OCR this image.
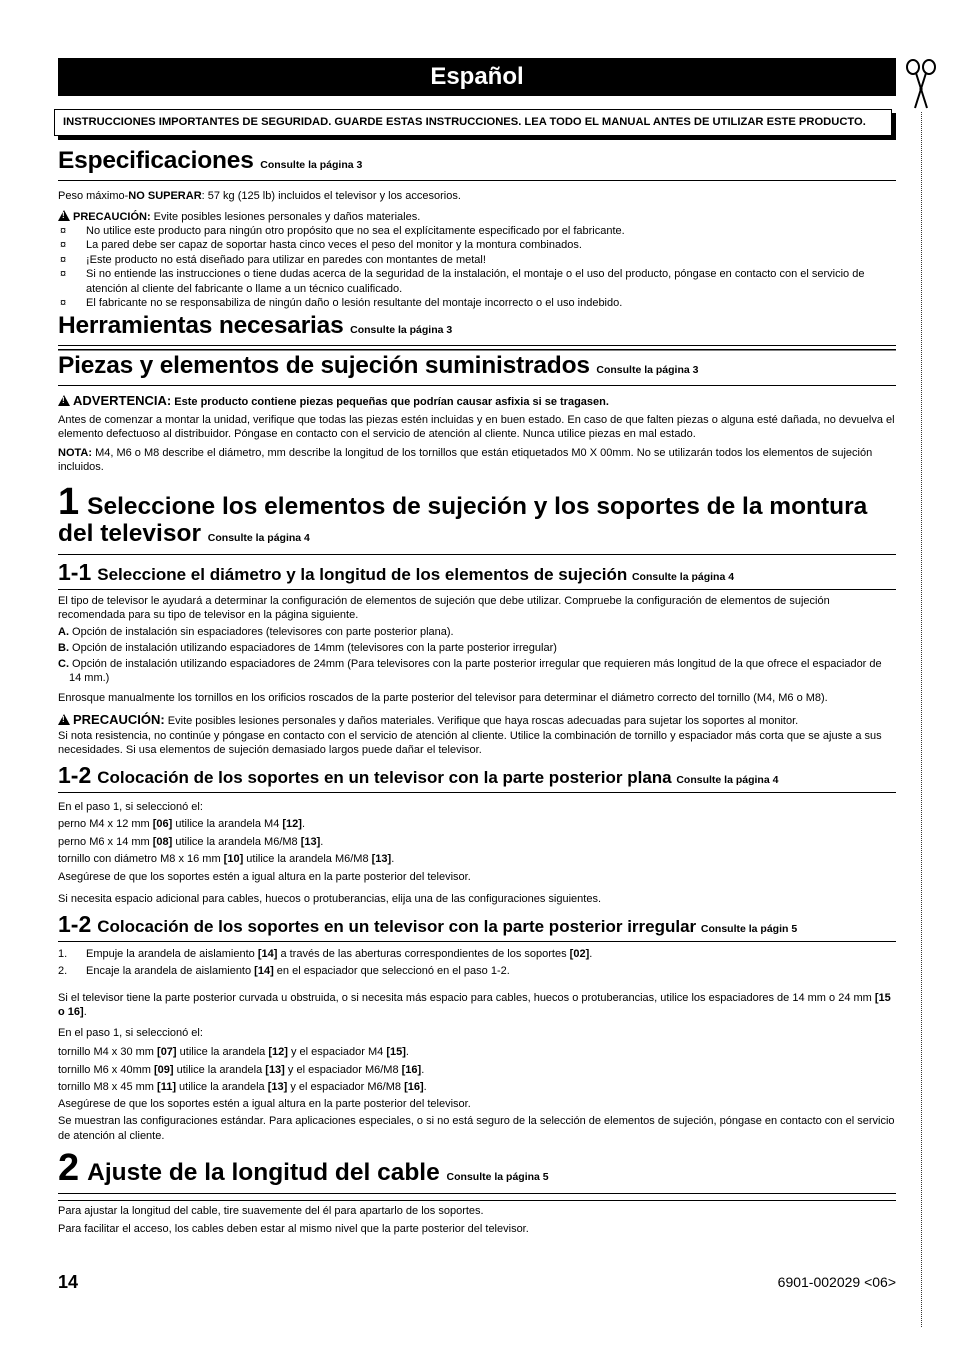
Español
INSTRUCCIONES IMPORTANTES DE SEGURIDAD. GUARDE ESTAS INSTRUCCIONES. LEA TODO EL MANUAL ANTES DE UTILIZAR ESTE PRODUCTO.
Especificaciones Consulte la página 3

Peso máximo-NO SUPERAR: 57 kg (125 lb) incluidos el televisor y los accesorios.

!PRECAUCIÓN: Evite posibles lesiones personales y daños materiales.

¤ No utilice este producto para ningún otro propósito que no sea el explícitamente especificado por el fabricante.
¤ La pared debe ser capaz de soportar hasta cinco veces el peso del monitor y la montura combinados.
¤ ¡Este producto no está diseñado para utilizar en paredes con montantes de metal!
¤ Si no entiende las instrucciones o tiene dudas acerca de la seguridad de la instalación, el montaje o el uso del producto, póngase en contacto con el servicio de atención al cliente del fabricante o llame a un técnico cualificado.
¤ El fabricante no se responsabiliza de ningún daño o lesión resultante del montaje incorrecto o el uso indebido.
Herramientas necesarias Consulte la página 3
Piezas y elementos de sujeción suministrados Consulte la página 3

!ADVERTENCIA: Este producto contiene piezas pequeñas que podrían causar asfixia si se tragasen.

Antes de comenzar a montar la unidad, verifique que todas las piezas estén incluidas y en buen estado. En caso de que falten piezas o alguna esté dañada, no devuelva el elemento defectuoso al distribuidor. Póngase en contacto con el servicio de atención al cliente. Nunca utilice piezas en mal estado.

NOTA: M4, M6 o M8 describe el diámetro, mm describe la longitud de los tornillos que están etiquetados M0 X 00mm. No se utilizarán todos los elementos de sujeción incluidos.

1 Seleccione los elementos de sujeción y los soportes de la montura del televisor Consulte la página 4
1-1 Seleccione el diámetro y la longitud de los elementos de sujeción Consulte la página 4

El tipo de televisor le ayudará a determinar la configuración de elementos de sujeción que debe utilizar. Compruebe la configuración de elementos de sujeción recomendada para su tipo de televisor en la página siguiente.

A. Opción de instalación sin espaciadores (televisores con parte posterior plana).

B. Opción de instalación utilizando espaciadores de 14mm (televisores con la parte posterior irregular)

C. Opción de instalación utilizando espaciadores de 24mm (Para televisores con la parte posterior irregular que requieren más longitud de la que ofrece el espaciador de 14 mm.)

Enrosque manualmente los tornillos en los orificios roscados de la parte posterior del televisor para determinar el diámetro correcto del tornillo (M4, M6 o M8).

!PRECAUCIÓN: Evite posibles lesiones personales y daños materiales. Verifique que haya roscas adecuadas para sujetar los soportes al monitor.

Si nota resistencia, no continúe y póngase en contacto con el servicio de atención al cliente. Utilice la combinación de tornillo y espaciador más corta que se ajuste a sus necesidades. Si usa elementos de sujeción demasiado largos puede dañar el televisor.

1-2 Colocación de los soportes en un televisor con la parte posterior plana Consulte la página 4

En el paso 1, si seleccionó el:

perno M4 x 12 mm [06] utilice la arandela M4 [12].

perno M6 x 14 mm [08] utilice la arandela M6/M8 [13].

tornillo con diámetro M8 x 16 mm [10] utilice la arandela M6/M8 [13].

Asegúrese de que los soportes estén a igual altura en la parte posterior del televisor.

Si necesita espacio adicional para cables, huecos o protuberancias, elija una de las configuraciones siguientes.

1-2 Colocación de los soportes en un televisor con la parte posterior irregular Consulte la págin 5
1. Empuje la arandela de aislamiento [14] a través de las aberturas correspondientes de los soportes [02].
2. Encaje la arandela de aislamiento [14] en el espaciador que seleccionó en el paso 1-2.

Si el televisor tiene la parte posterior curvada u obstruida, o si necesita más espacio para cables, huecos o protuberancias, utilice los espaciadores de 14 mm o 24 mm [15 o 16].

En el paso 1, si seleccionó el:

tornillo M4 x 30 mm [07] utilice la arandela [12] y el espaciador M4 [15].

tornillo M6 x 40mm [09] utilice la arandela [13] y el espaciador M6/M8 [16].

tornillo M8 x 45 mm [11] utilice la arandela [13] y el espaciador M6/M8 [16].

Asegúrese de que los soportes estén a igual altura en la parte posterior del televisor.

Se muestran las configuraciones estándar. Para aplicaciones especiales, o si no está seguro de la selección de elementos de sujeción, póngase en contacto con el servicio de atención al cliente.

2 Ajuste de la longitud del cable Consulte la página 5

Para ajustar la longitud del cable, tire suavemente del él para apartarlo de los soportes.

Para facilitar el acceso, los cables deben estar al mismo nivel que la parte posterior del televisor.

14	6901-002029 <06>
